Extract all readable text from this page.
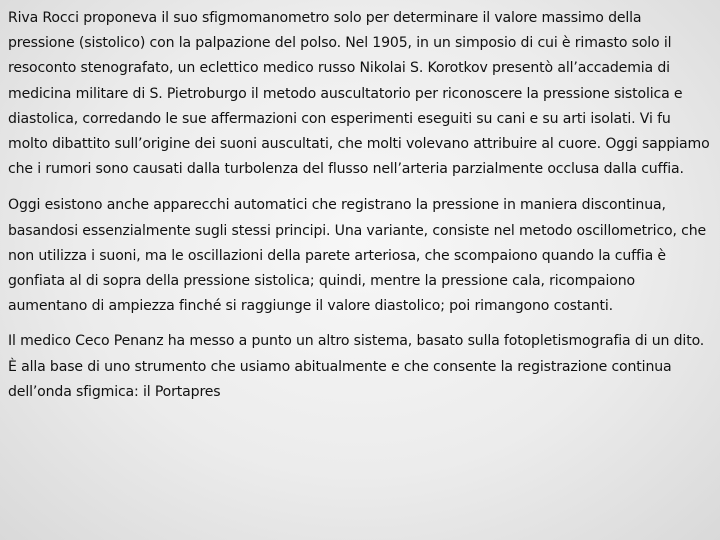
Riva Rocci proponeva il suo sfigmomanometro solo per determinare il valore massimo della pressione (sistolico) con la palpazione del polso. Nel 1905, in un simposio di cui è rimasto solo il resoconto stenografato, un eclettico medico russo Nikolai S. Korotkov presentò all’accademia di medicina militare di S. Pietroburgo il metodo auscultatorio per riconoscere la pressione sistolica e diastolica, corredando le sue affermazioni con esperimenti eseguiti su cani e su arti isolati. Vi fu molto dibattito sull’origine dei suoni auscultati, che molti volevano attribuire al cuore. Oggi sappiamo che i rumori sono causati dalla turbolenza del flusso nell’arteria parzialmente occlusa dalla cuffia.

Oggi esistono anche apparecchi automatici che registrano la pressione in maniera discontinua, basandosi essenzialmente sugli stessi principi. Una variante, consiste nel metodo oscillometrico, che non utilizza i suoni, ma le oscillazioni della parete arteriosa, che scompaiono quando la cuffia è gonfiata al di sopra della pressione sistolica; quindi, mentre la pressione cala, ricompaiono aumentano di ampiezza finché si raggiunge il valore diastolico; poi rimangono costanti.

Il medico Ceco Penanz ha messo a punto un altro sistema, basato sulla fotopletismografia di un dito. È alla base di uno strumento che usiamo abitualmente e che consente la registrazione continua dell’onda sfigmica: il Portapres
